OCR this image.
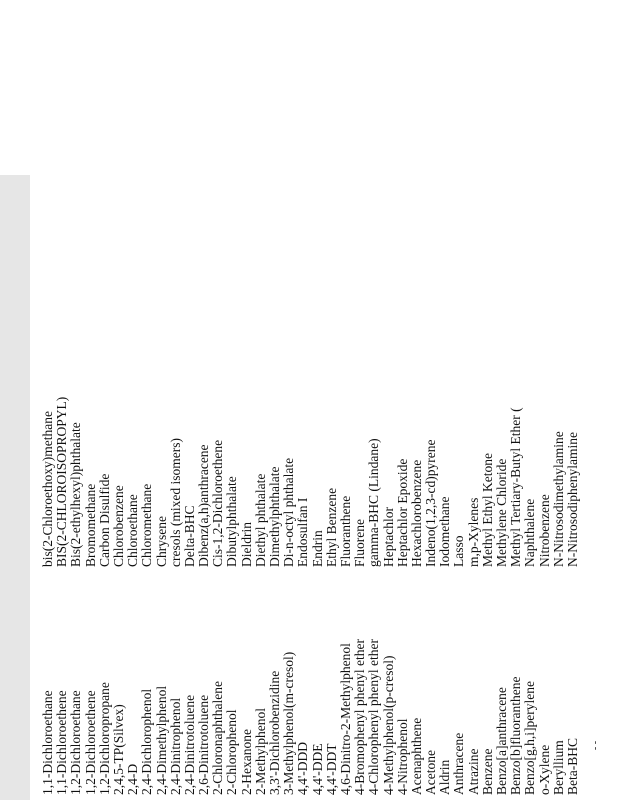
- -
1,1-Dichloroethane 1,1-Dichloroethene 1,2-Dichloroethane 1,2-Dichloroethene 1,2-Dichloropropane 2,4,5-TP(Silvex) 2,4-D 2,4-Dichlorophenol 2,4-Dimethylphenol 2,4-Dinitrophenol 2,4-Dinitrotoluene 2,6-Dinitrotoluene 2-Chloronaphthalene 2-Chlorophenol 2-Hexanone 2-Methylphenol 3,3'-Dichlorobenzidine 3-Methylphenol(m-cresol) 4,4'-DDD 4,4'-DDE 4,4'-DDT 4,6-Dinitro-2-Methylphenol 4-Bromophenyl phenyl ether 4-Chlorophenyl phenyl ether 4-Methylphenol(p-cresol) 4-Nitrophenol Acenaphthene Acetone Aldrin Anthracene Atrazine Benzene Benzo[a]anthracene Benzo[b]fluoranthene Benzo[g,h,i]perylene o-Xylene Beryllium Beta-BHC
bis(2-Chloroethoxy)methane BIS(2-CHLOROISOPROPYL) Bis(2-ethylhexyl)phthalate Bromomethane Carbon Disulfide Chlorobenzene Chloroethane Chloromethane Chrysene cresols (mixed isomers) Delta-BHC Dibenz(a,h)anthracene Cis-1,2-Dichloroethene Dibutylphthalate Dieldrin Diethyl phthalate Dimethylphthalate Di-n-octyl phthalate Endosulfan I Endrin Ethyl Benzene Fluoranthene Fluorene gamma-BHC (Lindane) Heptachlor Heptachlor Epoxide Hexachlorobenzene Indeno(1,2,3-cd)pyrene Iodomethane Lasso m,p-Xylenes Methyl Ethyl Ketone Methylene Chloride Methyl Tertiary-Butyl Ether ( Naphthalene Nitrobenzene N-Nitrosodimethylamine N-Nitrosodiphenylamine
